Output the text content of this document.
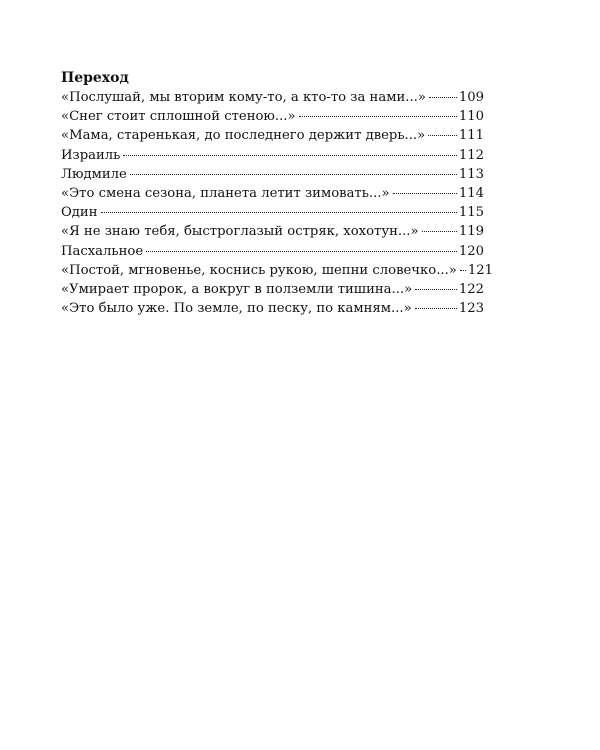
Переход
«Послушай, мы вторим кому-то, а кто-то за нами...» 109
«Снег стоит сплошной стеною...»	110
«Мама, старенькая, до последнего держит дверь...»	111
Израиль	112
Людмиле	113
«Это смена сезона, планета летит зимовать...»	114
Один	115
«Я не знаю тебя, быстроглазый остряк, хохотун...»	119
Пасхальное	120
«Постой, мгновенье, коснись рукою, шепни словечко...» 121
«Умирает пророк, а вокруг в полземли тишина...»	122
«Это было уже. По земле, по песку, по камням...»	123
